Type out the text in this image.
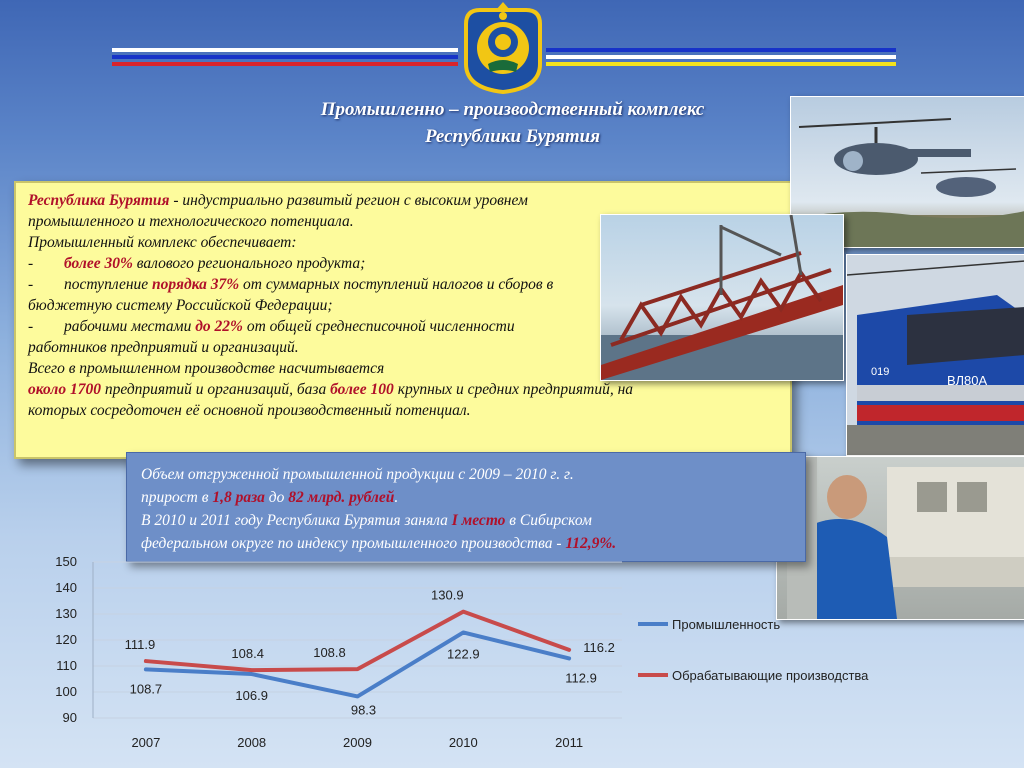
Промышленно – производственный комплекс
Республики Бурятия

Республика Бурятия - индустриально развитый регион с высоким уровнем промышленного и технологического потенциала.

Промышленный комплекс обеспечивает:

- более 30% валового регионального продукта;

- поступление порядка 37% от суммарных поступлений налогов и сборов в бюджетную систему Российской Федерации;

- рабочими местами до 22% от общей среднесписочной численности работников предприятий и организаций.

Всего в промышленном производстве насчитывается

около 1700 предприятий и организаций, база более 100 крупных и средних предприятий, на которых сосредоточен её основной производственный потенциал.

ВЛ80А
019

Объем отгруженной промышленной продукции с 2009 – 2010 г. г.

прирост в 1,8 раза до 82 млрд. рублей.

В 2010 и 2011 году Республика Бурятия заняла I место в Сибирском

федеральном округе по индексу промышленного производства - 112,9%.

90
100
110
120
130
140
150
2007	2008	2009	2010	2011
108.7	106.9
98.3
122.9
112.9
111.9
108.4	108.8
130.9
116.2
Промышленность
Обрабатывающие производства
